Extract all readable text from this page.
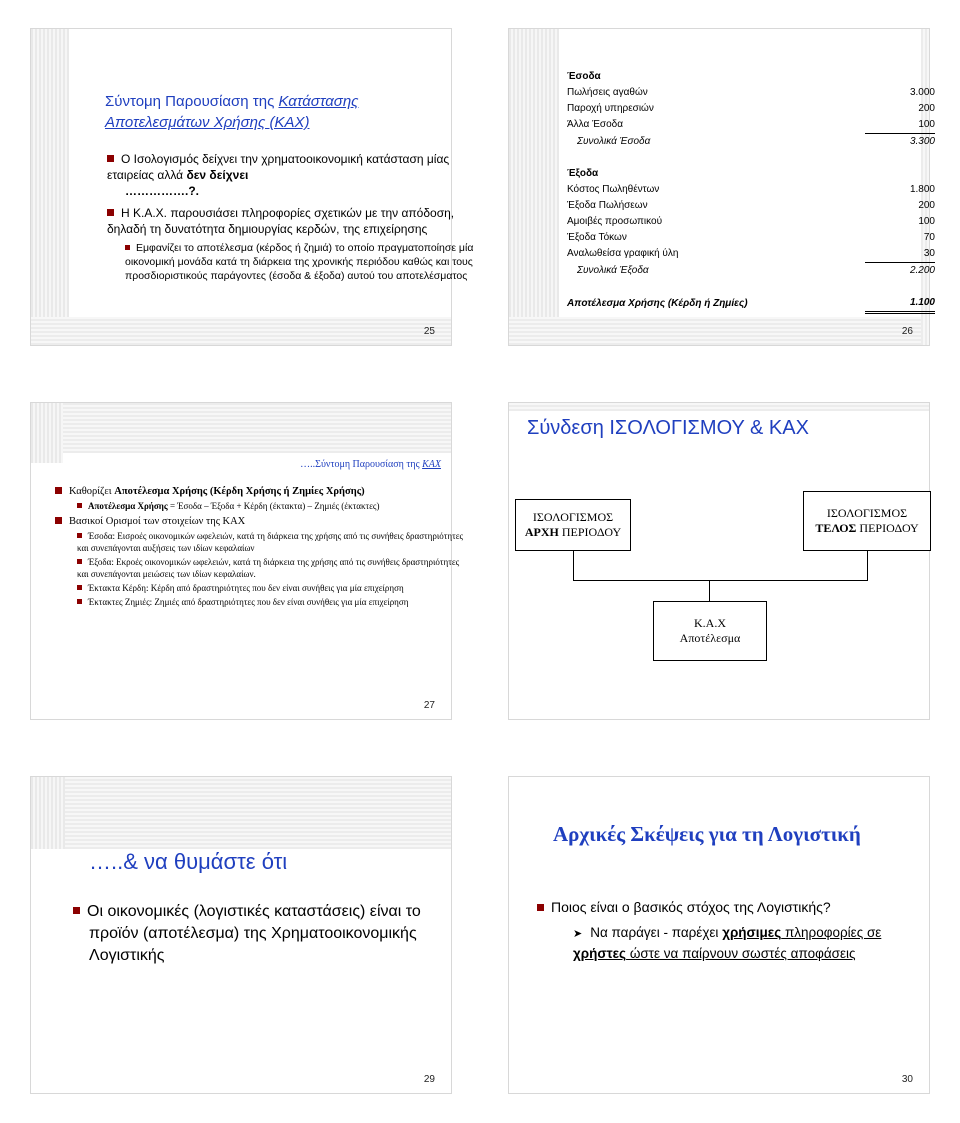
Σύντομη Παρουσίαση της Κατάστασης Αποτελεσμάτων Χρήσης (ΚΑΧ)
Ο Ισολογισμός δείχνει την χρηματοοικονομική κατάσταση μίας εταιρείας αλλά δεν δείχνει
…………….?.
Η Κ.Α.Χ. παρουσιάσει πληροφορίες σχετικών με την απόδοση, δηλαδή τη δυνατότητα δημιουργίας κερδών, της επιχείρησης
Εμφανίζει το αποτέλεσμα (κέρδος ή ζημιά) το οποίο πραγματοποίησε μία οικονομική μονάδα κατά τη διάρκεια της χρονικής περιόδου καθώς και τους προσδιοριστικούς παράγοντες (έσοδα & έξοδα) αυτού του αποτελέσματος
25
Έσοδα	
Πωλήσεις αγαθών	3.000
Παροχή υπηρεσιών	200
Άλλα Έσοδα	100
Συνολικά Έσοδα	3.300

Έξοδα	
Κόστος Πωληθέντων	1.800
Έξοδα Πωλήσεων	200
Αμοιβές προσωπικού	100
Έξοδα Τόκων	70
Αναλωθείσα γραφική ύλη	30
Συνολικά Έξοδα	2.200

Αποτέλεσμα Χρήσης (Κέρδη ή Ζημίες)	1.100
26
…..Σύντομη Παρουσίαση της ΚΑΧ
Καθορίζει Αποτέλεσμα Χρήσης (Κέρδη Χρήσης ή Ζημίες Χρήσης)
Αποτέλεσμα Χρήσης = Έσοδα – Έξοδα + Κέρδη (έκτακτα) – Ζημιές (έκτακτες)
Βασικοί Ορισμοί των στοιχείων της ΚΑΧ
Έσοδα: Εισροές οικονομικών ωφελειών, κατά τη διάρκεια της χρήσης από τις συνήθεις δραστηριότητες και συνεπάγονται αυξήσεις των ιδίων κεφαλαίων
Έξοδα: Εκροές οικονομικών ωφελειών, κατά τη διάρκεια της χρήσης από τις συνήθεις δραστηριότητες και συνεπάγονται μειώσεις των ιδίων κεφαλαίων.
Έκτακτα Κέρδη: Κέρδη από δραστηριότητες που δεν είναι συνήθεις για μία επιχείρηση
Έκτακτες Ζημιές: Ζημιές από δραστηριότητες που δεν είναι συνήθεις για μία επιχείρηση
27
Σύνδεση ΙΣΟΛΟΓΙΣΜΟΥ & ΚΑΧ
ΙΣΟΛΟΓΙΣΜΟΣ
ΑΡΧΗ ΠΕΡΙΟΔΟΥ
ΙΣΟΛΟΓΙΣΜΟΣ
ΤΕΛΟΣ ΠΕΡΙΟΔΟΥ
Κ.Α.Χ
Αποτέλεσμα
…..& να θυμάστε ότι
Οι οικονομικές (λογιστικές καταστάσεις) είναι το προϊόν (αποτέλεσμα) της Χρηματοοικονομικής Λογιστικής
29
Αρχικές Σκέψεις για τη Λογιστική
Ποιος είναι ο βασικός στόχος της Λογιστικής?
➤ Να παράγει - παρέχει χρήσιμες πληροφορίες σε χρήστες ώστε να παίρνουν σωστές αποφάσεις
30
